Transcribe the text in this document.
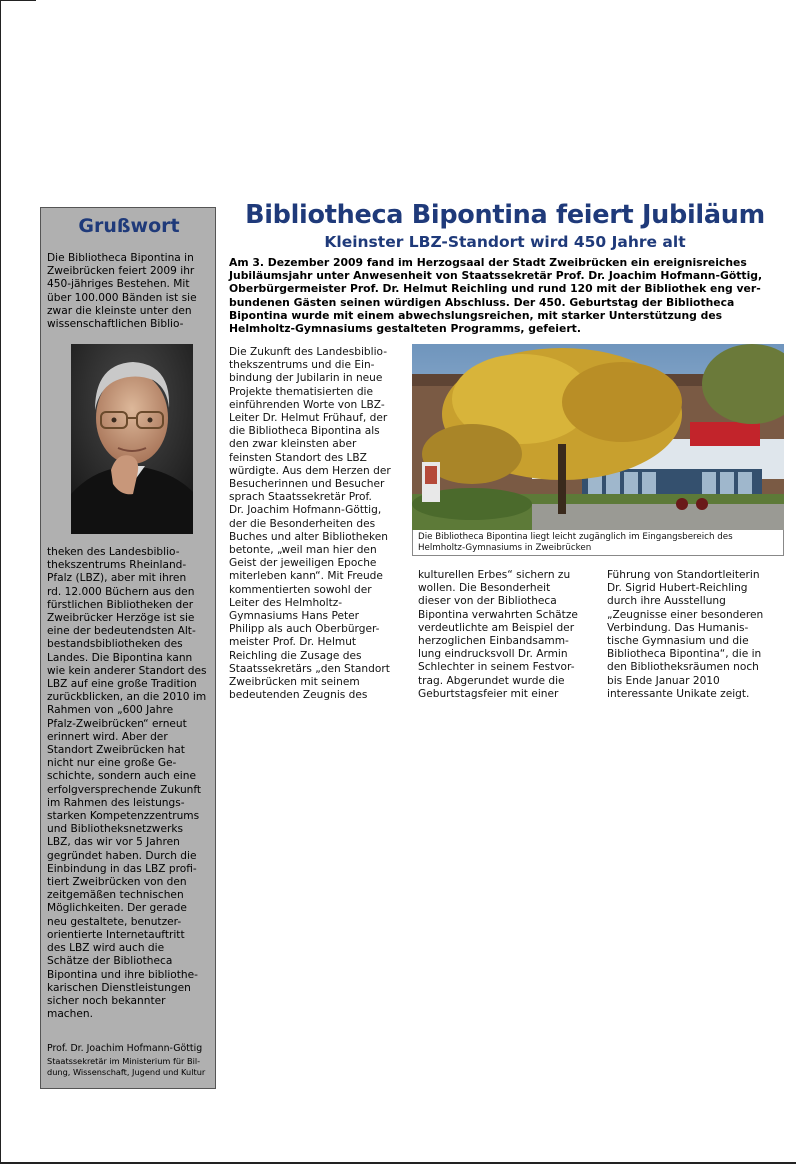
Grußwort
Die Bibliotheca Bipontina in
Zweibrücken feiert 2009 ihr
450-jähriges Bestehen. Mit
über 100.000 Bänden ist sie
zwar die kleinste unter den
wissenschaftlichen Biblio-
theken des Landesbiblio-
thekszentrums Rheinland-
Pfalz (LBZ), aber mit ihren
rd. 12.000 Büchern aus den
fürstlichen Bibliotheken der
Zweibrücker Herzöge ist sie
eine der bedeutendsten Alt-
bestandsbibliotheken des
Landes. Die Bipontina kann
wie kein anderer Standort des
LBZ auf eine große Tradition
zurückblicken, an die 2010 im
Rahmen von „600 Jahre
Pfalz-Zweibrücken“ erneut
erinnert wird. Aber der
Standort Zweibrücken hat
nicht nur eine große Ge-
schichte, sondern auch eine
erfolgversprechende Zukunft
im Rahmen des leistungs-
starken Kompetenzzentrums
und Bibliotheksnetzwerks
LBZ, das wir vor 5 Jahren
gegründet haben. Durch die
Einbindung in das LBZ profi-
tiert Zweibrücken von den
zeitgemäßen technischen
Möglichkeiten. Der gerade
neu gestaltete, benutzer-
orientierte Internetauftritt
des LBZ wird auch die
Schätze der Bibliotheca
Bipontina und ihre bibliothe-
karischen Dienstleistungen
sicher noch bekannter
machen.
Prof. Dr. Joachim Hofmann-Göttig
Staatssekretär im Ministerium für Bil-
dung, Wissenschaft, Jugend und Kultur
Bibliotheca Bipontina feiert Jubiläum
Kleinster LBZ-Standort wird 450 Jahre alt
Am 3. Dezember 2009 fand im Herzogsaal der Stadt Zweibrücken ein ereignisreiches
Jubiläumsjahr unter Anwesenheit von Staatssekretär Prof. Dr. Joachim Hofmann-Göttig,
Oberbürgermeister Prof. Dr. Helmut Reichling und rund 120 mit der Bibliothek eng ver-
bundenen Gästen seinen würdigen Abschluss. Der 450. Geburtstag der Bibliotheca
Bipontina wurde mit einem abwechslungsreichen, mit starker Unterstützung des
Helmholtz-Gymnasiums gestalteten Programms, gefeiert.
Die Zukunft des Landesbiblio-
thekszentrums und die Ein-
bindung der Jubilarin in neue
Projekte thematisierten die
einführenden Worte von LBZ-
Leiter Dr. Helmut Frühauf, der
die Bibliotheca Bipontina als
den zwar kleinsten aber
feinsten Standort des LBZ
würdigte. Aus dem Herzen der
Besucherinnen und Besucher
sprach Staatssekretär Prof.
Dr. Joachim Hofmann-Göttig,
der die Besonderheiten des
Buches und alter Bibliotheken
betonte, „weil man hier den
Geist der jeweiligen Epoche
miterleben kann“. Mit Freude
kommentierten sowohl der
Leiter des Helmholtz-
Gymnasiums Hans Peter
Philipp als auch Oberbürger-
meister Prof. Dr. Helmut
Reichling die Zusage des
Staatssekretärs „den Standort
Zweibrücken mit seinem
bedeutenden Zeugnis des
Die Bibliotheca Bipontina liegt leicht zugänglich im Eingangsbereich des
Helmholtz-Gymnasiums in Zweibrücken
kulturellen Erbes“ sichern zu
wollen. Die Besonderheit
dieser von der Bibliotheca
Bipontina verwahrten Schätze
verdeutlichte am Beispiel der
herzoglichen Einbandsamm-
lung eindrucksvoll Dr. Armin
Schlechter in seinem Festvor-
trag. Abgerundet wurde die
Geburtstagsfeier mit einer
Führung von Standortleiterin
Dr. Sigrid Hubert-Reichling
durch ihre Ausstellung
„Zeugnisse einer besonderen
Verbindung. Das Humanis-
tische Gymnasium und die
Bibliotheca Bipontina“, die in
den Bibliotheksräumen noch
bis Ende Januar 2010
interessante Unikate zeigt.
